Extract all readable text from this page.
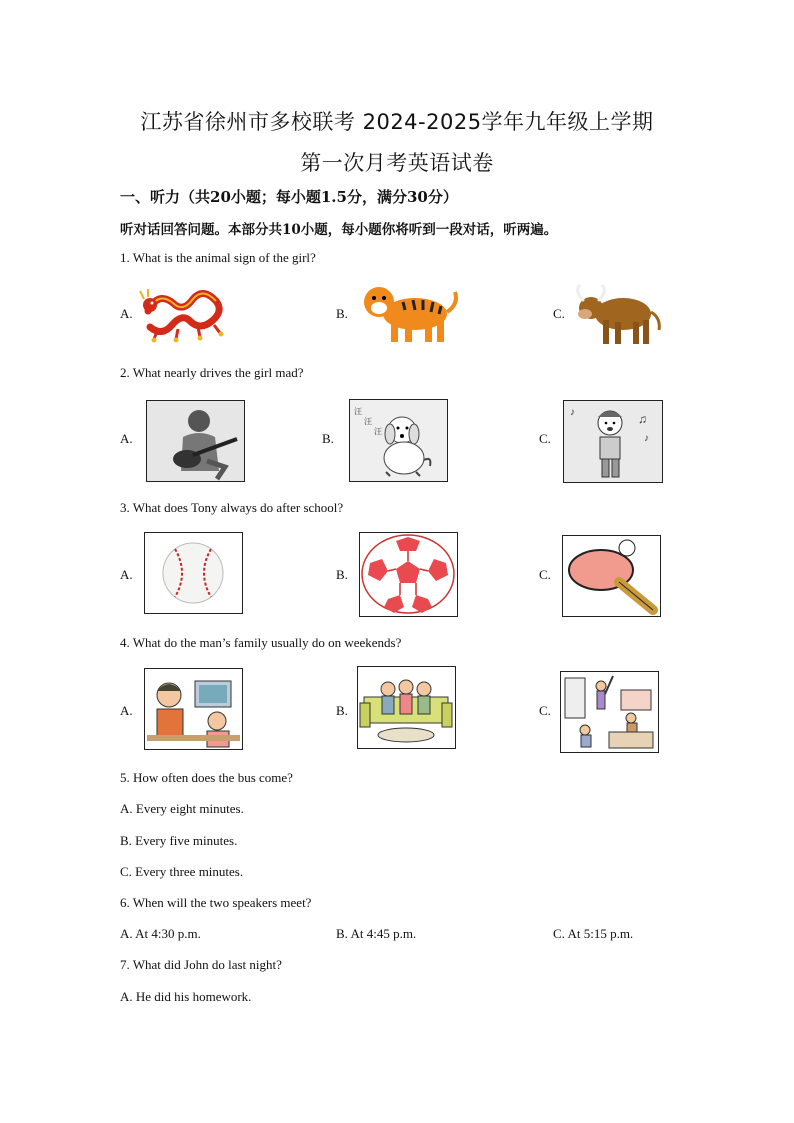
江苏省徐州市多校联考 2024-2025学年九年级上学期
第一次月考英语试卷
一、听力（共20小题；每小题1.5分，满分30分）
听对话回答问题。本部分共10小题，每小题你将听到一段对话，听两遍。
1. What is the animal sign of the girl?
A.	B.	C.
2. What nearly drives the girl mad?
A.	B.	C.
汪
汪
汪
♪	♫
♪
3. What does Tony always do after school?
A.	B.	C.
4. What do the man’s family usually do on weekends?
A.	B.	C.
5. How often does the bus come?
A. Every eight minutes.
B. Every five minutes.
C. Every three minutes.
6. When will the two speakers meet?
A. At 4:30 p.m.	B. At 4:45 p.m.	C. At 5:15 p.m.
7. What did John do last night?
A. He did his homework.
